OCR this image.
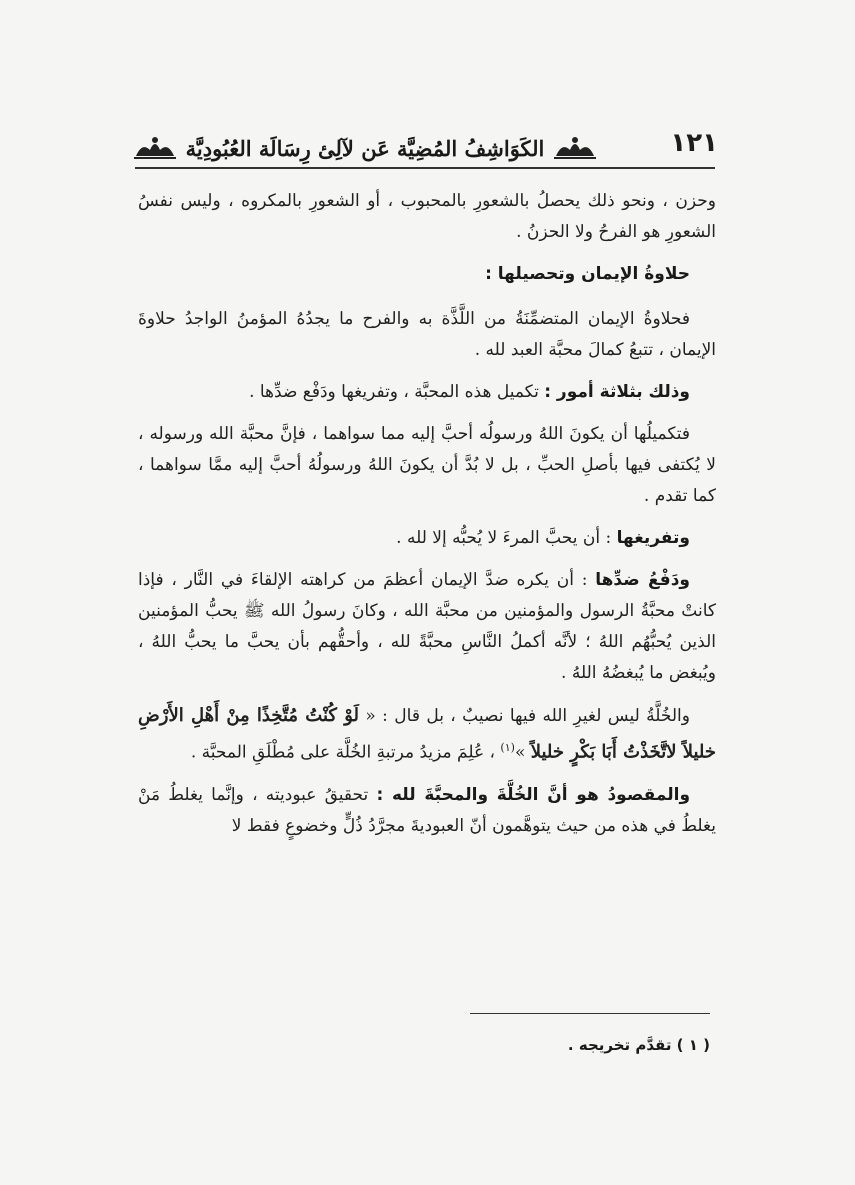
١٢١
الكَوَاشِفُ المُضِيَّة عَن لآلِئ رِسَالَة العُبُودِيَّة

وحزن ، ونحو ذلك يحصلُ بالشعورِ بالمحبوب ، أو الشعورِ بالمكروه ، وليس نفسُ الشعورِ هو الفرحُ ولا الحزنُ .

حلاوةُ الإيمان وتحصيلها :

فحلاوةُ الإيمان المتضمِّنَةُ من اللَّذَّة به والفرح ما يجدُهُ المؤمنُ الواجدُ حلاوةَ الإيمان ، تتبعُ كمالَ محبَّة العبد لله .

وذلك بثلاثة أمور : تكميل هذه المحبَّة ، وتفريغها ودَفْع ضدِّها .

فتكميلُها أن يكونَ اللهُ ورسولُه أحبَّ إليه مما سواهما ، فإنَّ محبَّة الله ورسوله ، لا يُكتفى فيها بأصلِ الحبِّ ، بل لا بُدَّ أن يكونَ اللهُ ورسولُهُ أحبَّ إليه ممَّا سواهما ، كما تقدم .

وتفريغها : أن يحبَّ المرءَ لا يُحبُّه إلا لله .

ودَفْعُ ضدِّها : أن يكره ضدَّ الإيمان أعظمَ من كراهته الإلقاءَ في النَّار ، فإذا كانتْ محبَّةُ الرسول والمؤمنين من محبَّة الله ، وكانَ رسولُ الله ﷺ يحبُّ المؤمنين الذين يُحبُّهُم اللهُ ؛ لأنَّه أكملُ النَّاسِ محبَّةً لله ، وأحقُّهم بأن يحبَّ ما يحبُّ اللهُ ، ويُبغض ما يُبغضُهُ اللهُ .

والخُلَّةُ ليس لغيرِ الله فيها نصيبٌ ، بل قال : « لَوْ كُنْتُ مُتَّخِذًا مِنْ أَهْلِ الأَرْضِ خليلاً لاتَّخَذْتُ أَبَا بَكْرٍ خليلاً »$^{(١)}$ ، عُلِمَ مزيدُ مرتبةِ الخُلَّة على مُطْلَقِ المحبَّة .

والمقصودُ هو أنَّ الخُلَّةَ والمحبَّةَ لله : تحقيقُ عبوديته ، وإنَّما يغلطُ مَنْ يغلطُ في هذه من حيث يتوهَّمون أنّ العبوديةَ مجرَّدُ ذُلٍّ وخضوعٍ فقط لا

( ١ ) تقدَّم تخريجه .
